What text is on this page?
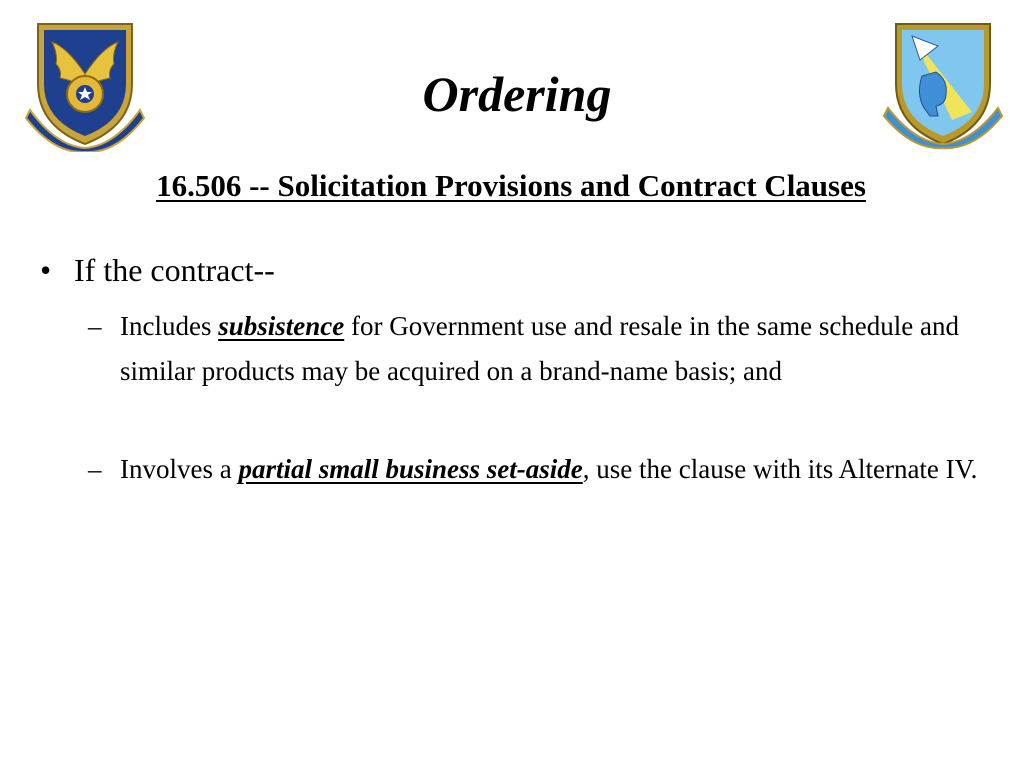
Ordering
16.506 -- Solicitation Provisions and Contract Clauses
• If the contract--
– Includes subsistence for Government use and resale in the same schedule and similar products may be acquired on a brand-name basis; and
– Involves a partial small business set-aside, use the clause with its Alternate IV.
